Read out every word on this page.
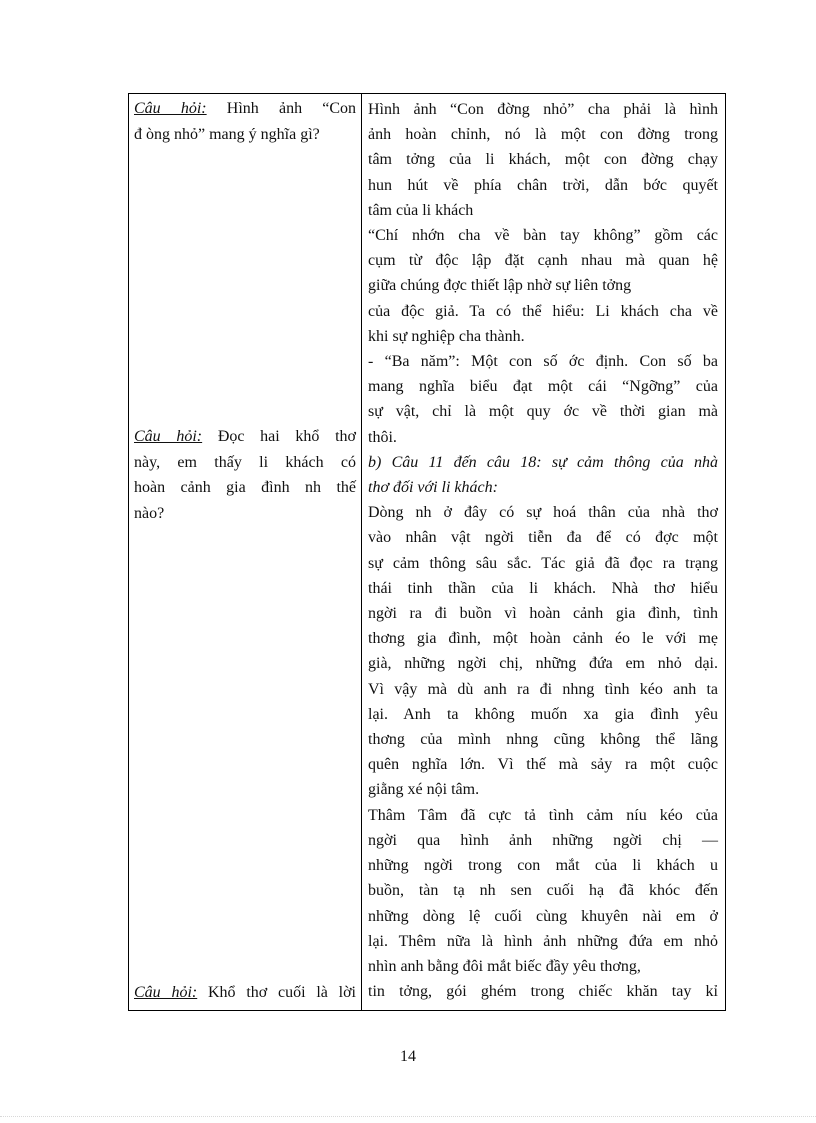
Câu hỏi: Hình ảnh “Con
đ òng nhỏ” mang ý nghĩa gì?
Câu hỏi: Đọc hai khổ thơ
này, em thấy li khách có
hoàn cảnh gia đình nh thế
nào?
Câu hỏi: Khổ thơ cuối là lời
Hình ảnh “Con đờng nhỏ” cha phải là hình
ảnh hoàn chỉnh, nó là một con đờng trong
tâm tởng của li khách, một con đờng chạy
hun hút về phía chân trời, dẫn bớc quyết
tâm của li khách
“Chí nhớn cha về bàn tay không” gồm các
cụm từ độc lập đặt cạnh nhau mà quan hệ
giữa chúng đợc thiết lập nhờ sự liên tởng
của độc giả. Ta có thể hiểu: Li khách cha về
khi sự nghiệp cha thành.
- “Ba năm”: Một con số ớc định. Con số ba
mang nghĩa biểu đạt một cái “Ngỡng” của
sự vật, chỉ là một quy ớc về thời gian mà
thôi.
b) Câu 11 đến câu 18: sự cảm thông của nhà
thơ đối với li khách:
Dòng nh ở đây có sự hoá thân của nhà thơ
vào nhân vật ngời tiễn đa để có đợc một
sự cảm thông sâu sắc. Tác giả đã đọc ra trạng
thái tinh thần của li khách. Nhà thơ hiểu
ngời ra đi buồn vì hoàn cảnh gia đình, tình
thơng gia đình, một hoàn cảnh éo le với mẹ
già, những ngời chị, những đứa em nhỏ dại.
Vì vậy mà dù anh ra đi nhng tình kéo anh ta
lại. Anh ta không muốn xa gia đình yêu
thơng của mình nhng cũng không thể lãng
quên nghĩa lớn. Vì thế mà sảy ra một cuộc
giằng xé nội tâm.
Thâm Tâm đã cực tả tình cảm níu kéo của
ngời qua hình ảnh những ngời chị —
những ngời trong con mắt của li khách u
buồn, tàn tạ nh sen cuối hạ đã khóc đến
những dòng lệ cuối cùng khuyên nài em ở
lại. Thêm nữa là hình ảnh những đứa em nhỏ
nhìn anh bằng đôi mắt biếc đầy yêu thơng,
tin tởng, gói ghém trong chiếc khăn tay kỉ
14
